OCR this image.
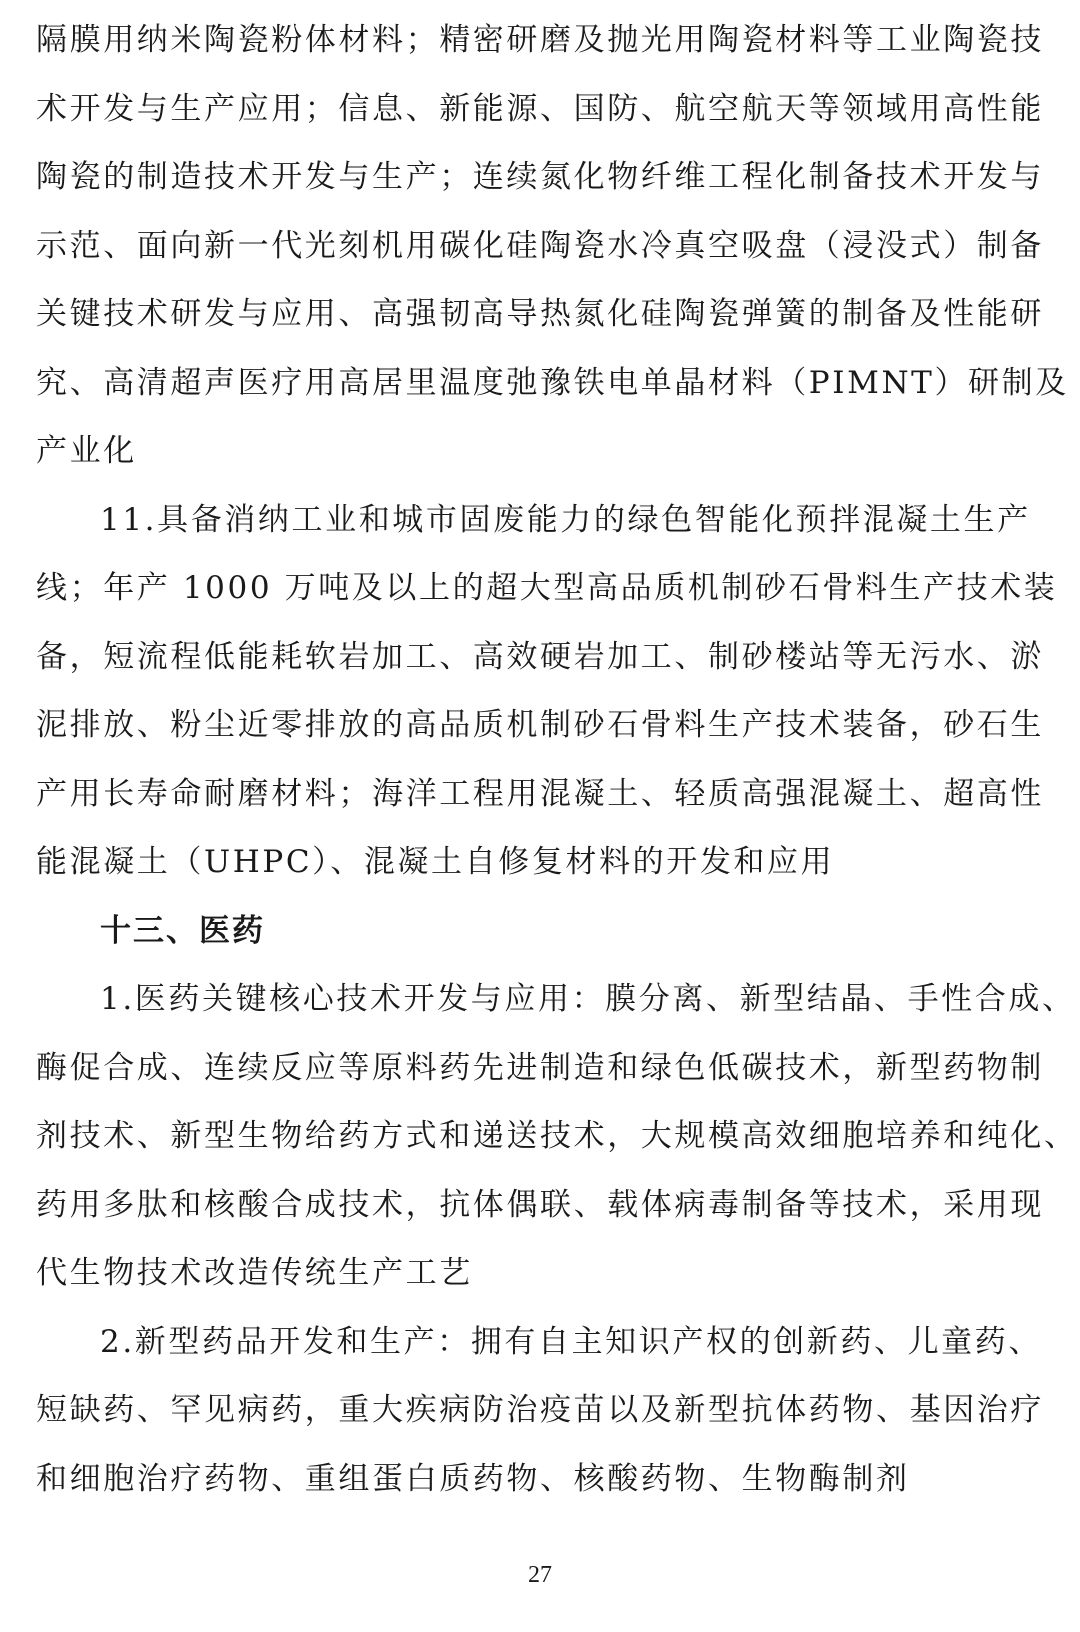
隔膜用纳米陶瓷粉体材料；精密研磨及抛光用陶瓷材料等工业陶瓷技
术开发与生产应用；信息、新能源、国防、航空航天等领域用高性能
陶瓷的制造技术开发与生产；连续氮化物纤维工程化制备技术开发与
示范、面向新一代光刻机用碳化硅陶瓷水冷真空吸盘（浸没式）制备
关键技术研发与应用、高强韧高导热氮化硅陶瓷弹簧的制备及性能研
究、高清超声医疗用高居里温度弛豫铁电单晶材料（PIMNT）研制及
产业化
11.具备消纳工业和城市固废能力的绿色智能化预拌混凝土生产
线；年产 1000 万吨及以上的超大型高品质机制砂石骨料生产技术装
备，短流程低能耗软岩加工、高效硬岩加工、制砂楼站等无污水、淤
泥排放、粉尘近零排放的高品质机制砂石骨料生产技术装备，砂石生
产用长寿命耐磨材料；海洋工程用混凝土、轻质高强混凝土、超高性
能混凝土（UHPC）、混凝土自修复材料的开发和应用
十三、医药
1.医药关键核心技术开发与应用：膜分离、新型结晶、手性合成、
酶促合成、连续反应等原料药先进制造和绿色低碳技术，新型药物制
剂技术、新型生物给药方式和递送技术，大规模高效细胞培养和纯化、
药用多肽和核酸合成技术，抗体偶联、载体病毒制备等技术，采用现
代生物技术改造传统生产工艺
2.新型药品开发和生产：拥有自主知识产权的创新药、儿童药、
短缺药、罕见病药，重大疾病防治疫苗以及新型抗体药物、基因治疗
和细胞治疗药物、重组蛋白质药物、核酸药物、生物酶制剂
27
